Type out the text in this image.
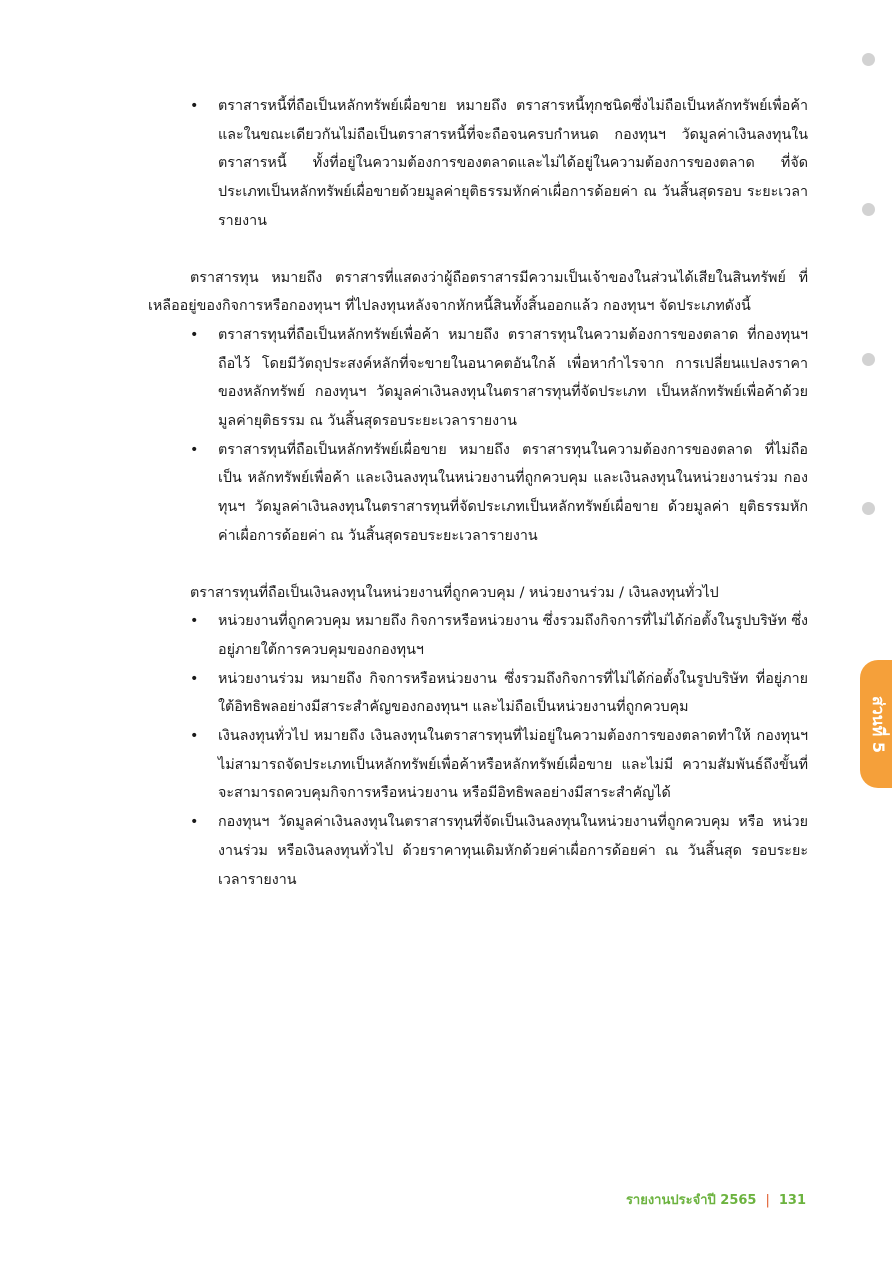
ส่วนที่ 5
• ตราสารหนี้ที่ถือเป็นหลักทรัพย์เผื่อขาย หมายถึง ตราสารหนี้ทุกชนิดซึ่งไม่ถือเป็นหลักทรัพย์เพื่อค้า และในขณะเดียวกันไม่ถือเป็นตราสารหนี้ที่จะถือจนครบกำหนด กองทุนฯ วัดมูลค่าเงินลงทุนใน ตราสารหนี้ ทั้งที่อยู่ในความต้องการของตลาดและไม่ได้อยู่ในความต้องการของตลาด ที่จัดประเภทเป็นหลักทรัพย์เผื่อขายด้วยมูลค่ายุติธรรมหักค่าเผื่อการด้อยค่า ณ วันสิ้นสุดรอบ ระยะเวลารายงาน

ตราสารทุน หมายถึง ตราสารที่แสดงว่าผู้ถือตราสารมีความเป็นเจ้าของในส่วนได้เสียในสินทรัพย์ ที่เหลืออยู่ของกิจการหรือกองทุนฯ ที่ไปลงทุนหลังจากหักหนี้สินทั้งสิ้นออกแล้ว กองทุนฯ จัดประเภทดังนี้

• ตราสารทุนที่ถือเป็นหลักทรัพย์เพื่อค้า หมายถึง ตราสารทุนในความต้องการของตลาด ที่กองทุนฯ ถือไว้ โดยมีวัตถุประสงค์หลักที่จะขายในอนาคตอันใกล้ เพื่อหากำไรจาก การเปลี่ยนแปลงราคาของหลักทรัพย์ กองทุนฯ วัดมูลค่าเงินลงทุนในตราสารทุนที่จัดประเภท เป็นหลักทรัพย์เพื่อค้าด้วยมูลค่ายุติธรรม ณ วันสิ้นสุดรอบระยะเวลารายงาน
• ตราสารทุนที่ถือเป็นหลักทรัพย์เผื่อขาย หมายถึง ตราสารทุนในความต้องการของตลาด ที่ไม่ถือเป็น หลักทรัพย์เพื่อค้า และเงินลงทุนในหน่วยงานที่ถูกควบคุม และเงินลงทุนในหน่วยงานร่วม กองทุนฯ วัดมูลค่าเงินลงทุนในตราสารทุนที่จัดประเภทเป็นหลักทรัพย์เผื่อขาย ด้วยมูลค่า ยุติธรรมหักค่าเผื่อการด้อยค่า ณ วันสิ้นสุดรอบระยะเวลารายงาน

ตราสารทุนที่ถือเป็นเงินลงทุนในหน่วยงานที่ถูกควบคุม / หน่วยงานร่วม / เงินลงทุนทั่วไป

• หน่วยงานที่ถูกควบคุม หมายถึง กิจการหรือหน่วยงาน ซึ่งรวมถึงกิจการที่ไม่ได้ก่อตั้งในรูปบริษัท ซึ่งอยู่ภายใต้การควบคุมของกองทุนฯ
• หน่วยงานร่วม หมายถึง กิจการหรือหน่วยงาน ซึ่งรวมถึงกิจการที่ไม่ได้ก่อตั้งในรูปบริษัท ที่อยู่ภายใต้อิทธิพลอย่างมีสาระสำคัญของกองทุนฯ และไม่ถือเป็นหน่วยงานที่ถูกควบคุม
• เงินลงทุนทั่วไป หมายถึง เงินลงทุนในตราสารทุนที่ไม่อยู่ในความต้องการของตลาดทำให้ กองทุนฯ ไม่สามารถจัดประเภทเป็นหลักทรัพย์เพื่อค้าหรือหลักทรัพย์เผื่อขาย และไม่มี ความสัมพันธ์ถึงขั้นที่จะสามารถควบคุมกิจการหรือหน่วยงาน หรือมีอิทธิพลอย่างมีสาระสำคัญได้
• กองทุนฯ วัดมูลค่าเงินลงทุนในตราสารทุนที่จัดเป็นเงินลงทุนในหน่วยงานที่ถูกควบคุม หรือ หน่วยงานร่วม หรือเงินลงทุนทั่วไป ด้วยราคาทุนเดิมหักด้วยค่าเผื่อการด้อยค่า ณ วันสิ้นสุด รอบระยะเวลารายงาน
รายงานประจำปี 2565 | 131
